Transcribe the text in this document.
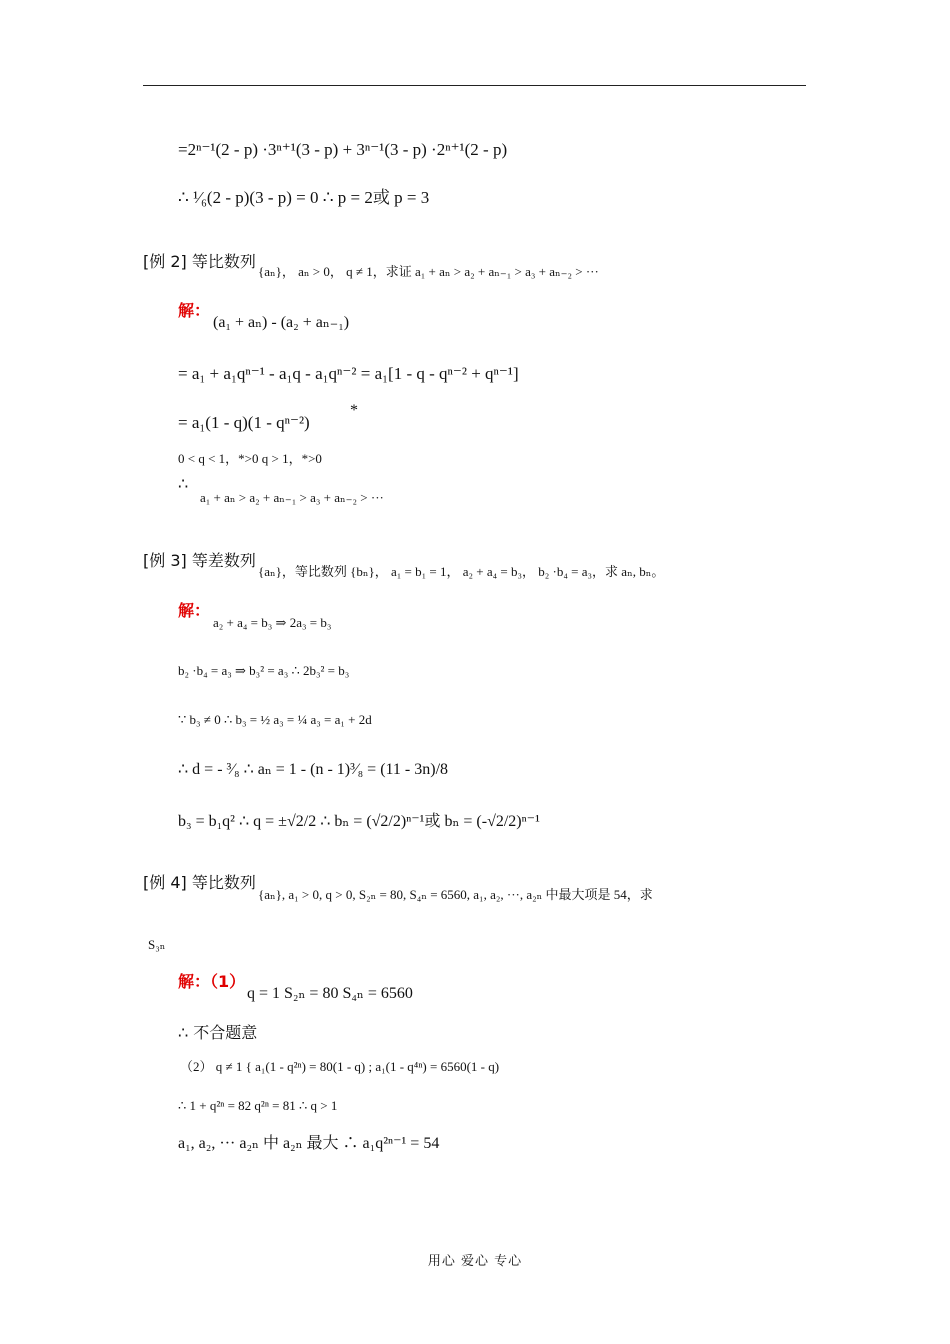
=2ⁿ⁻¹(2 - p) ·3ⁿ⁺¹(3 - p) + 3ⁿ⁻¹(3 - p) ·2ⁿ⁺¹(2 - p)
∴ ¹⁄₆(2 - p)(3 - p) = 0 ∴ p = 2或 p = 3
[例 2] 等比数列
{aₙ}， aₙ > 0， q ≠ 1，求证 a₁ + aₙ > a₂ + aₙ₋₁ > a₃ + aₙ₋₂ > ···
解：
(a₁ + aₙ) - (a₂ + aₙ₋₁)
= a₁ + a₁qⁿ⁻¹ - a₁q - a₁qⁿ⁻² = a₁[1 - q - qⁿ⁻² + qⁿ⁻¹]
= a₁(1 - q)(1 - qⁿ⁻²)
*
0 < q < 1，*>0 q > 1，*>0
∴
a₁ + aₙ > a₂ + aₙ₋₁ > a₃ + aₙ₋₂ > ···
[例 3] 等差数列
{aₙ}，等比数列 {bₙ}， a₁ = b₁ = 1， a₂ + a₄ = b₃， b₂ ·b₄ = a₃，求 aₙ, bₙ。
解：
a₂ + a₄ = b₃ ⇒ 2a₃ = b₃
b₂ ·b₄ = a₃ ⇒ b₃² = a₃ ∴ 2b₃² = b₃
∵ b₃ ≠ 0 ∴ b₃ = ½ a₃ = ¼ a₃ = a₁ + 2d
∴ d = - ³⁄₈ ∴ aₙ = 1 - (n - 1)³⁄₈ = (11 - 3n)/8
b₃ = b₁q² ∴ q = ±√2/2 ∴ bₙ = (√2/2)ⁿ⁻¹或 bₙ = (-√2/2)ⁿ⁻¹
[例 4] 等比数列
{aₙ}, a₁ > 0, q > 0, S₂ₙ = 80, S₄ₙ = 6560, a₁, a₂, ···, a₂ₙ 中最大项是 54，求
S₃ₙ
解：（1）
q = 1 S₂ₙ = 80 S₄ₙ = 6560
∴ 不合题意
（2） q ≠ 1 { a₁(1 - q²ⁿ) = 80(1 - q) ; a₁(1 - q⁴ⁿ) = 6560(1 - q)
∴ 1 + q²ⁿ = 82 q²ⁿ = 81 ∴ q > 1
a₁, a₂, ··· a₂ₙ 中 a₂ₙ 最大 ∴ a₁q²ⁿ⁻¹ = 54
用心 爱心 专心
